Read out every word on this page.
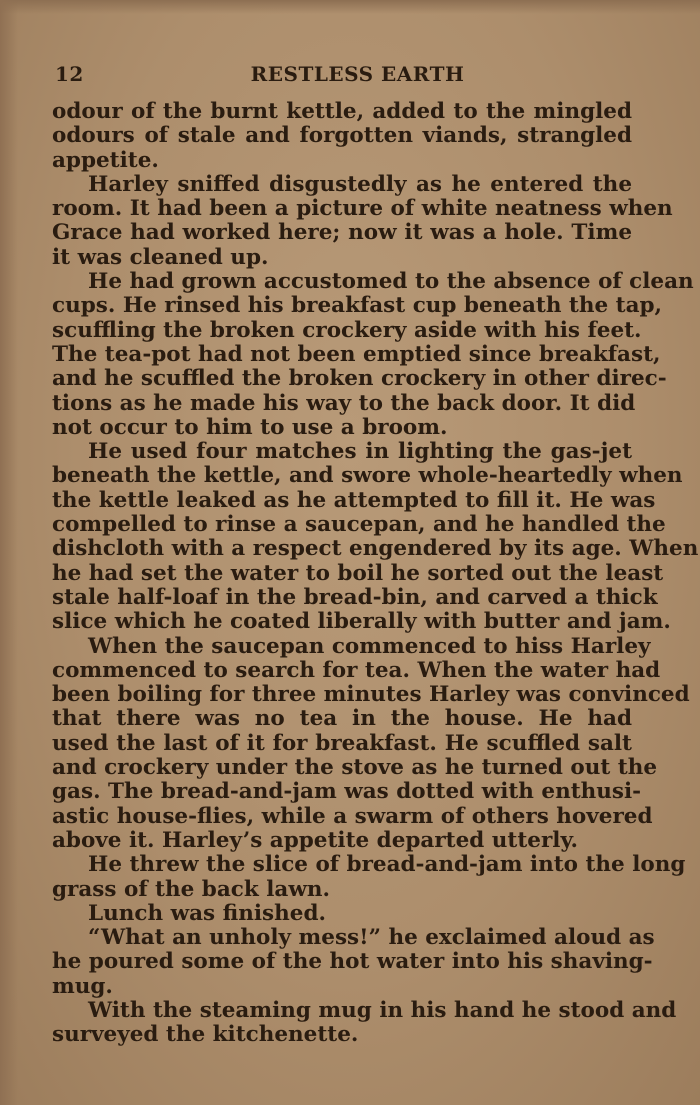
12	RESTLESS EARTH
odour of the burnt kettle, added to the mingled
odours of stale and forgotten viands, strangled
appetite.
Harley sniffed disgustedly as he entered the
room. It had been a picture of white neatness when
Grace had worked here; now it was a hole. Time
it was cleaned up.
He had grown accustomed to the absence of clean
cups. He rinsed his breakfast cup beneath the tap,
scuffling the broken crockery aside with his feet.
The tea-pot had not been emptied since breakfast,
and he scuffled the broken crockery in other direc-
tions as he made his way to the back door. It did
not occur to him to use a broom.
He used four matches in lighting the gas-jet
beneath the kettle, and swore whole-heartedly when
the kettle leaked as he attempted to fill it. He was
compelled to rinse a saucepan, and he handled the
dishcloth with a respect engendered by its age. When
he had set the water to boil he sorted out the least
stale half-loaf in the bread-bin, and carved a thick
slice which he coated liberally with butter and jam.
When the saucepan commenced to hiss Harley
commenced to search for tea. When the water had
been boiling for three minutes Harley was convinced
that there was no tea in the house. He had
used the last of it for breakfast. He scuffled salt
and crockery under the stove as he turned out the
gas. The bread-and-jam was dotted with enthusi-
astic house-flies, while a swarm of others hovered
above it. Harley’s appetite departed utterly.
He threw the slice of bread-and-jam into the long
grass of the back lawn.
Lunch was finished.
“What an unholy mess!” he exclaimed aloud as
he poured some of the hot water into his shaving-
mug.
With the steaming mug in his hand he stood and
surveyed the kitchenette.
